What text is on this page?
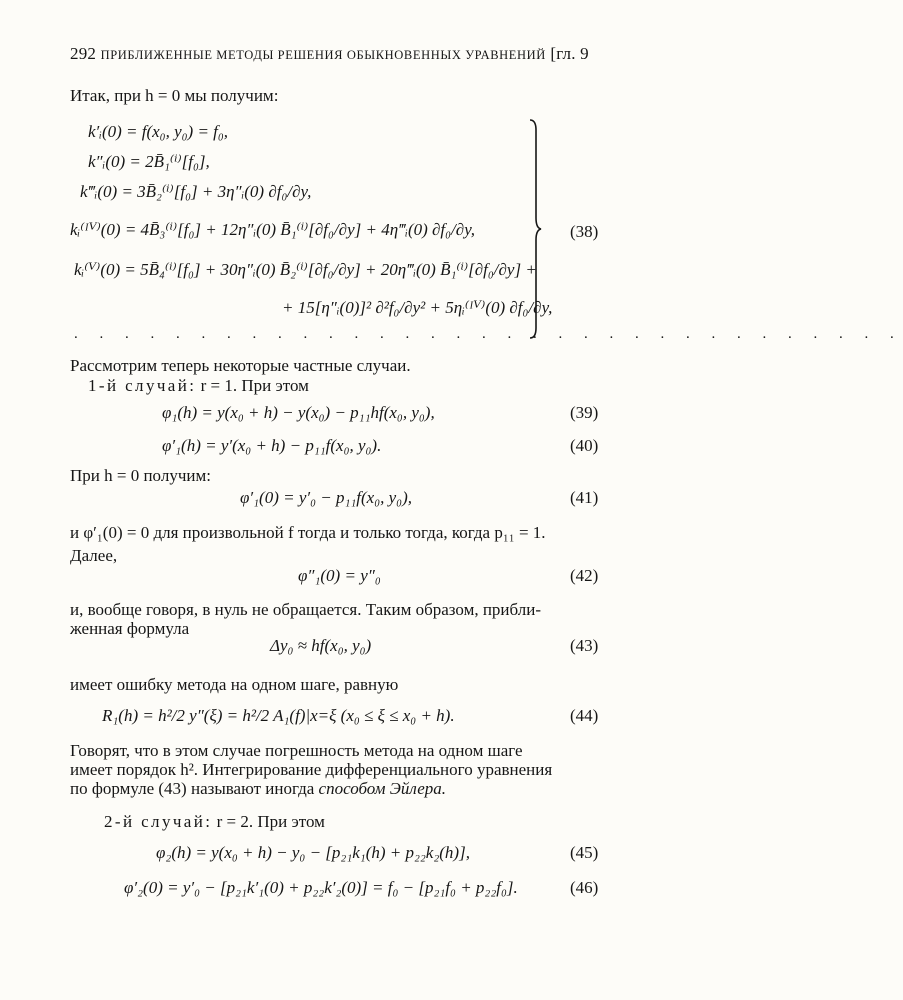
292 ПРИБЛИЖЕННЫЕ МЕТОДЫ РЕШЕНИЯ ОБЫКНОВЕННЫХ УРАВНЕНИЙ [гл. 9
Итак, при h = 0 мы получим:
k′ᵢ(0) = f(x₀, y₀) = f₀,
k″ᵢ(0) = 2B̄₁⁽ⁱ⁾[f₀],
k‴ᵢ(0) = 3B̄₂⁽ⁱ⁾[f₀] + 3η″ᵢ(0) ∂f₀/∂y,
kᵢ⁽ᴵⱽ⁾(0) = 4B̄₃⁽ⁱ⁾[f₀] + 12η″ᵢ(0) B̄₁⁽ⁱ⁾[∂f₀/∂y] + 4η‴ᵢ(0) ∂f₀/∂y,
kᵢ⁽ⱽ⁾(0) = 5B̄₄⁽ⁱ⁾[f₀] + 30η″ᵢ(0) B̄₂⁽ⁱ⁾[∂f₀/∂y] + 20η‴ᵢ(0) B̄₁⁽ⁱ⁾[∂f₀/∂y] +
+ 15[η″ᵢ(0)]² ∂²f₀/∂y² + 5ηᵢ⁽ᴵⱽ⁾(0) ∂f₀/∂y,
. . . . . . . . . . . . . . . . . . . . . . . . . . . . . . . . .
(38)
Рассмотрим теперь некоторые частные случаи.
1-й случай: r = 1. При этом
φ₁(h) = y(x₀ + h) − y(x₀) − p₁₁hf(x₀, y₀),	(39)
φ′₁(h) = y′(x₀ + h) − p₁₁f(x₀, y₀).	(40)
При h = 0 получим:
φ′₁(0) = y′₀ − p₁₁f(x₀, y₀),	(41)
и φ′₁(0) = 0 для произвольной f тогда и только тогда, когда p₁₁ = 1.
Далее,
φ″₁(0) = y″₀	(42)
и, вообще говоря, в нуль не обращается. Таким образом, прибли-
женная формула
Δy₀ ≈ hf(x₀, y₀)	(43)
имеет ошибку метода на одном шаге, равную
R₁(h) = h²/2 y″(ξ) = h²/2 A₁(f)|x=ξ (x₀ ≤ ξ ≤ x₀ + h).	(44)
Говорят, что в этом случае погрешность метода на одном шаге
имеет порядок h². Интегрирование дифференциального уравнения
по формуле (43) называют иногда способом Эйлера.
2-й случай: r = 2. При этом
φ₂(h) = y(x₀ + h) − y₀ − [p₂₁k₁(h) + p₂₂k₂(h)],	(45)
φ′₂(0) = y′₀ − [p₂₁k′₁(0) + p₂₂k′₂(0)] = f₀ − [p₂₁f₀ + p₂₂f₀].	(46)
